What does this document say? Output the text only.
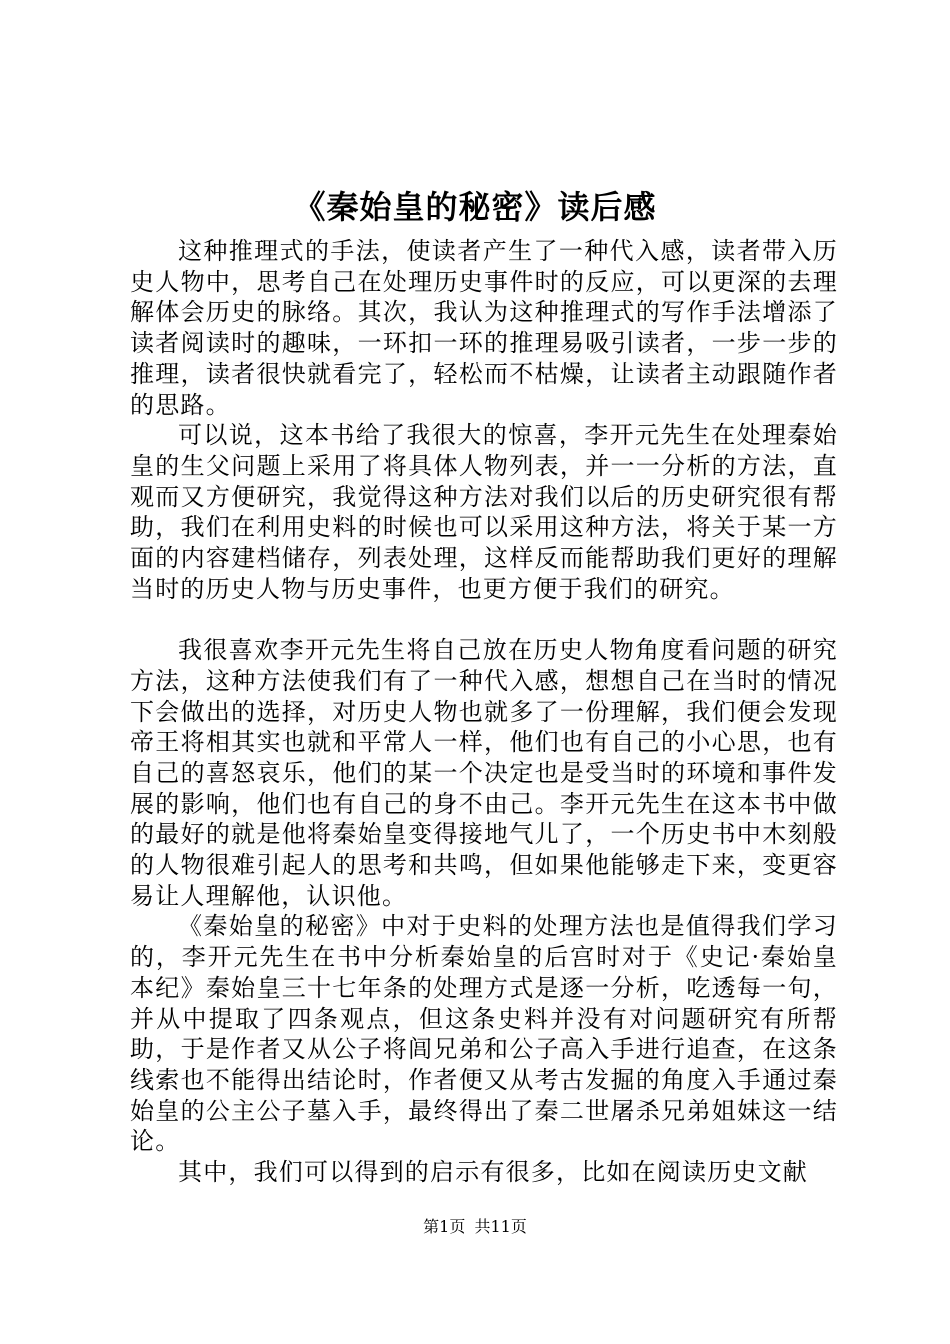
《秦始皇的秘密》读后感

这种推理式的手法，使读者产生了一种代入感，读者带入历史人物中，思考自己在处理历史事件时的反应，可以更深的去理解体会历史的脉络。其次，我认为这种推理式的写作手法增添了读者阅读时的趣味，一环扣一环的推理易吸引读者，一步一步的推理，读者很快就看完了，轻松而不枯燥，让读者主动跟随作者的思路。

可以说，这本书给了我很大的惊喜，李开元先生在处理秦始皇的生父问题上采用了将具体人物列表，并一一分析的方法，直观而又方便研究，我觉得这种方法对我们以后的历史研究很有帮助，我们在利用史料的时候也可以采用这种方法，将关于某一方面的内容建档储存，列表处理，这样反而能帮助我们更好的理解当时的历史人物与历史事件，也更方便于我们的研究。

我很喜欢李开元先生将自己放在历史人物角度看问题的研究方法，这种方法使我们有了一种代入感，想想自己在当时的情况下会做出的选择，对历史人物也就多了一份理解，我们便会发现帝王将相其实也就和平常人一样，他们也有自己的小心思，也有自己的喜怒哀乐，他们的某一个决定也是受当时的环境和事件发展的影响，他们也有自己的身不由己。李开元先生在这本书中做的最好的就是他将秦始皇变得接地气儿了，一个历史书中木刻般的人物很难引起人的思考和共鸣，但如果他能够走下来，变更容易让人理解他，认识他。

《秦始皇的秘密》中对于史料的处理方法也是值得我们学习的，李开元先生在书中分析秦始皇的后宫时对于《史记·秦始皇本纪》秦始皇三十七年条的处理方式是逐一分析，吃透每一句，并从中提取了四条观点，但这条史料并没有对问题研究有所帮助，于是作者又从公子将闾兄弟和公子高入手进行追查，在这条线索也不能得出结论时，作者便又从考古发掘的角度入手通过秦始皇的公主公子墓入手，最终得出了秦二世屠杀兄弟姐妹这一结论。

其中，我们可以得到的启示有很多，比如在阅读历史文献

第1页 共11页
